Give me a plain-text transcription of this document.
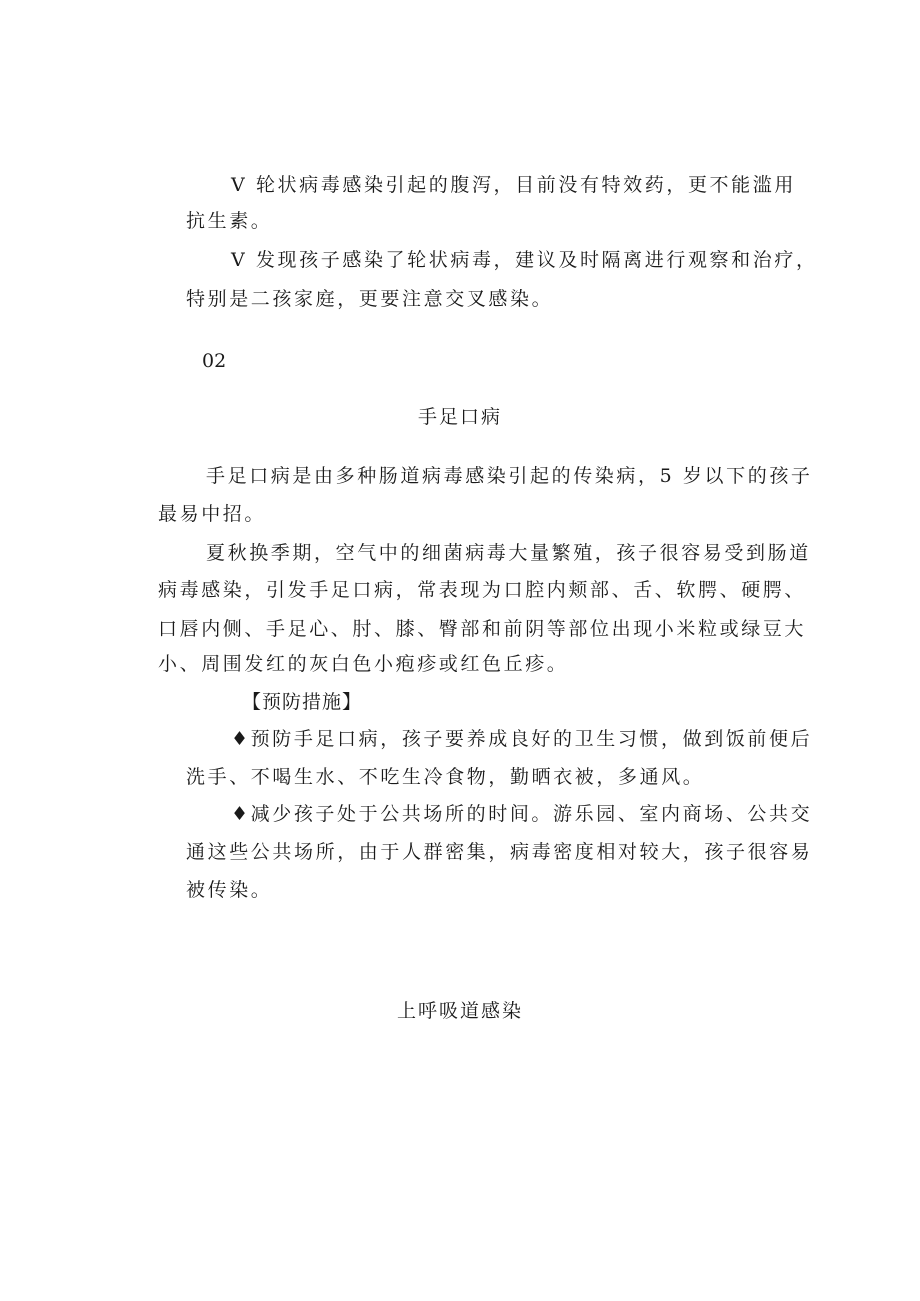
V 轮状病毒感染引起的腹泻，目前没有特效药，更不能滥用
抗生素。
V 发现孩子感染了轮状病毒，建议及时隔离进行观察和治疗，
特别是二孩家庭，更要注意交叉感染。
02
手足口病
手足口病是由多种肠道病毒感染引起的传染病，5 岁以下的孩子
最易中招。
夏秋换季期，空气中的细菌病毒大量繁殖，孩子很容易受到肠道
病毒感染，引发手足口病，常表现为口腔内颊部、舌、软腭、硬腭、
口唇内侧、手足心、肘、膝、臀部和前阴等部位出现小米粒或绿豆大
小、周围发红的灰白色小疱疹或红色丘疹。
【预防措施】
♦预防手足口病，孩子要养成良好的卫生习惯，做到饭前便后
洗手、不喝生水、不吃生冷食物，勤晒衣被，多通风。
♦减少孩子处于公共场所的时间。游乐园、室内商场、公共交
通这些公共场所，由于人群密集，病毒密度相对较大，孩子很容易
被传染。
上呼吸道感染
